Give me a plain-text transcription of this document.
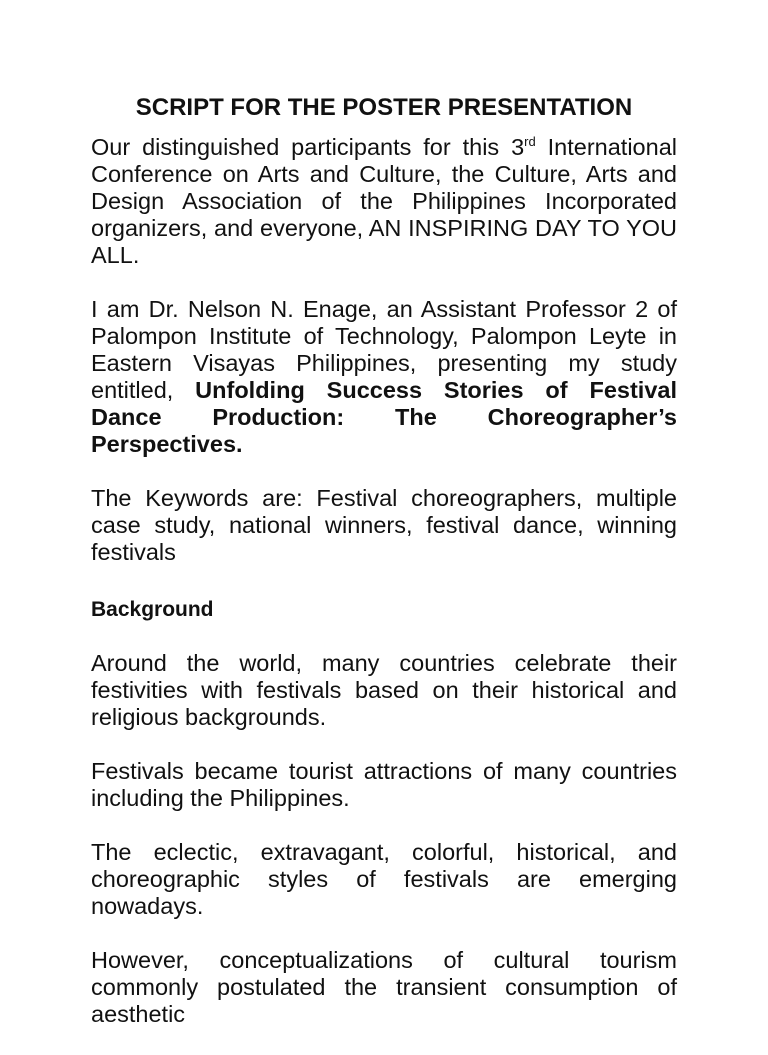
SCRIPT FOR THE POSTER PRESENTATION

Our distinguished participants for this 3rd International Conference on Arts and Culture, the Culture, Arts and Design Association of the Philippines Incorporated organizers, and everyone, AN INSPIRING DAY TO YOU ALL.

I am Dr. Nelson N. Enage, an Assistant Professor 2 of Palompon Institute of Technology, Palompon Leyte in Eastern Visayas Philippines, presenting my study entitled, Unfolding Success Stories of Festival Dance Production: The Choreographer’s Perspectives.

The Keywords are: Festival choreographers, multiple case study, national winners, festival dance, winning festivals

Background

Around the world, many countries celebrate their festivities with festivals based on their historical and religious backgrounds.

Festivals became tourist attractions of many countries including the Philippines.

The eclectic, extravagant, colorful, historical, and choreographic styles of festivals are emerging nowadays.

However, conceptualizations of cultural tourism commonly postulated the transient consumption of aesthetic
